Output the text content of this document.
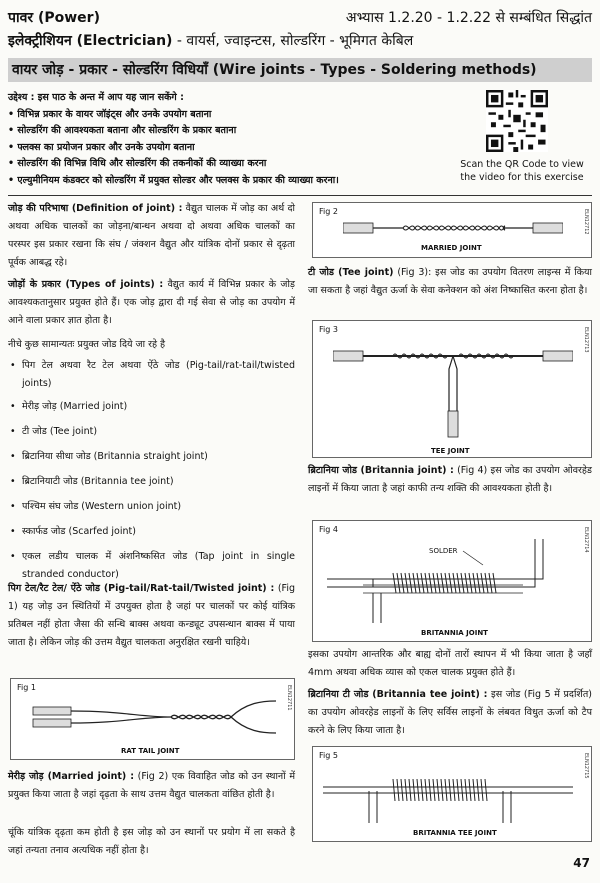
पावर (Power)	अभ्यास 1.2.20 - 1.2.22 से सम्बंधित सिद्धांत
इलेक्ट्रीशियन (Electrician) - वायर्स, ज्वाइन्टस, सोल्डरिंग - भूमिगत केबिल
वायर जोड़ - प्रकार - सोल्डरिंग विधियाँ (Wire joints - Types - Soldering methods)
उद्देश्य : इस पाठ के अन्त में आप यह जान सकेंगे :
• विभिन्न प्रकार के वायर जॉइंट्स और उनके उपयोग बताना
• सोल्डरिंग की आवश्यकता बताना और सोल्डरिंग के प्रकार बताना
• फ्लक्स का प्रयोजन प्रकार और उनके उपयोग बताना
• सोल्डरिंग की विभिन्न विधि और सोल्डरिंग की तकनीकों की व्याख्या करना
• एल्युमीनियम कंडक्टर को सोल्डरिंग में प्रयुक्त सोल्डर और फ्लक्स के प्रकार की व्याख्या करना।
Scan the QR Code to view the video for this exercise
जोड़ की परिभाषा (Definition of joint) : वैद्युत चालक में जोड़ का अर्थ दो अथवा अधिक चालकों का जोड़ना/बान्धन अथवा दो अथवा अधिक चालकों का परस्पर इस प्रकार रखना कि संघ / जंक्शन वैद्युत और यांत्रिक दोनों प्रकार से दृढ़ता पूर्वक आबद्ध रहे।
जोड़ों के प्रकार (Types of joints) : वैद्युत कार्य में विभिन्न प्रकार के जोड़ आवश्यकतानुसार प्रयुक्त होते हैं। एक जोड़ द्वारा दी गई सेवा से जोड़ का उपयोग में आने वाला प्रकार ज्ञात होता है।
नीचे कुछ सामान्यतः प्रयुक्त जोड दिये जा रहे है
• पिग टेल अथवा रैट टेल अथवा ऐंठे जोड (Pig-tail/rat-tail/twisted joints)
• मेरीड़ जोड़ (Married joint)
• टी जोड (Tee joint)
• ब्रिटानिया सीधा जोड (Britannia straight joint)
• ब्रिटानियाटी जोड (Britannia tee joint)
• पश्चिम संघ जोड (Western union joint)
• स्कार्फड जोड (Scarfed joint)
• एकल लडीय चालक में अंशनिष्कसित जोड (Tap joint in single stranded conductor)
पिग टेल/रैट टेल/ ऐंठे जोड (Pig-tail/Rat-tail/Twisted joint) : (Fig 1) यह जोड़ उन स्थितियों में उपयुक्त होता है जहां पर चालकों पर कोई यांत्रिक प्रतिबल नहीं होता जैसा की सन्धि बाक्स अथवा कन्ड्यूट उपसन्धान बाक्स में पाया जाता है। लेकिन जोड़ की उत्तम वैद्युत चालकता अनुरक्षित रखनी चाहिये।
Fig 1	ELN12711
RAT TAIL JOINT
मेरीड़ जोड़ (Married joint) : (Fig 2) एक विवाहित जोड को उन स्थानों में प्रयुक्त किया जाता है जहां दृढ़ता के साथ उत्तम वैद्युत चालकता वांछित होती है।
चूंकि यांत्रिक दृढ़ता कम होती है इस जोड़ को उन स्थानों पर प्रयोग में ला सकते है जहां तन्यता तनाव अत्यधिक नहीं होता है।
Fig 2	ELN12712
MARRIED JOINT
टी जोड (Tee joint) (Fig 3): इस जोड का उपयोग वितरण लाइन्स में किया जा सकता है जहां वैद्युत ऊर्जा के सेवा कनेक्शन को अंश निष्कासित करना होता है।
Fig 3	ELN12713
TEE JOINT
ब्रिटानिया जोड (Britannia joint) : (Fig 4) इस जोड का उपयोग ओवरहेड लाइनों में किया जाता है जहां काफी तन्य शक्ति की आवश्यकता होती है।
Fig 4	ELN12714
SOLDER
BRITANNIA JOINT
इसका उपयोग आन्तरिक और बाह्य दोनों तारों स्थापन में भी किया जाता है जहाँ 4mm अथवा अधिक व्यास को एकल चालक प्रयुक्त होते हैं।
ब्रिटानिया टी जोड (Britannia tee joint) : इस जोड (Fig 5 में प्रदर्शित) का उपयोग ओवरहेड लाइनों के लिए सर्विस लाइनों के लंबवत विधुत ऊर्जा को टैप करने के लिए किया जाता है।
Fig 5	ELN12715
BRITANNIA TEE JOINT
47
